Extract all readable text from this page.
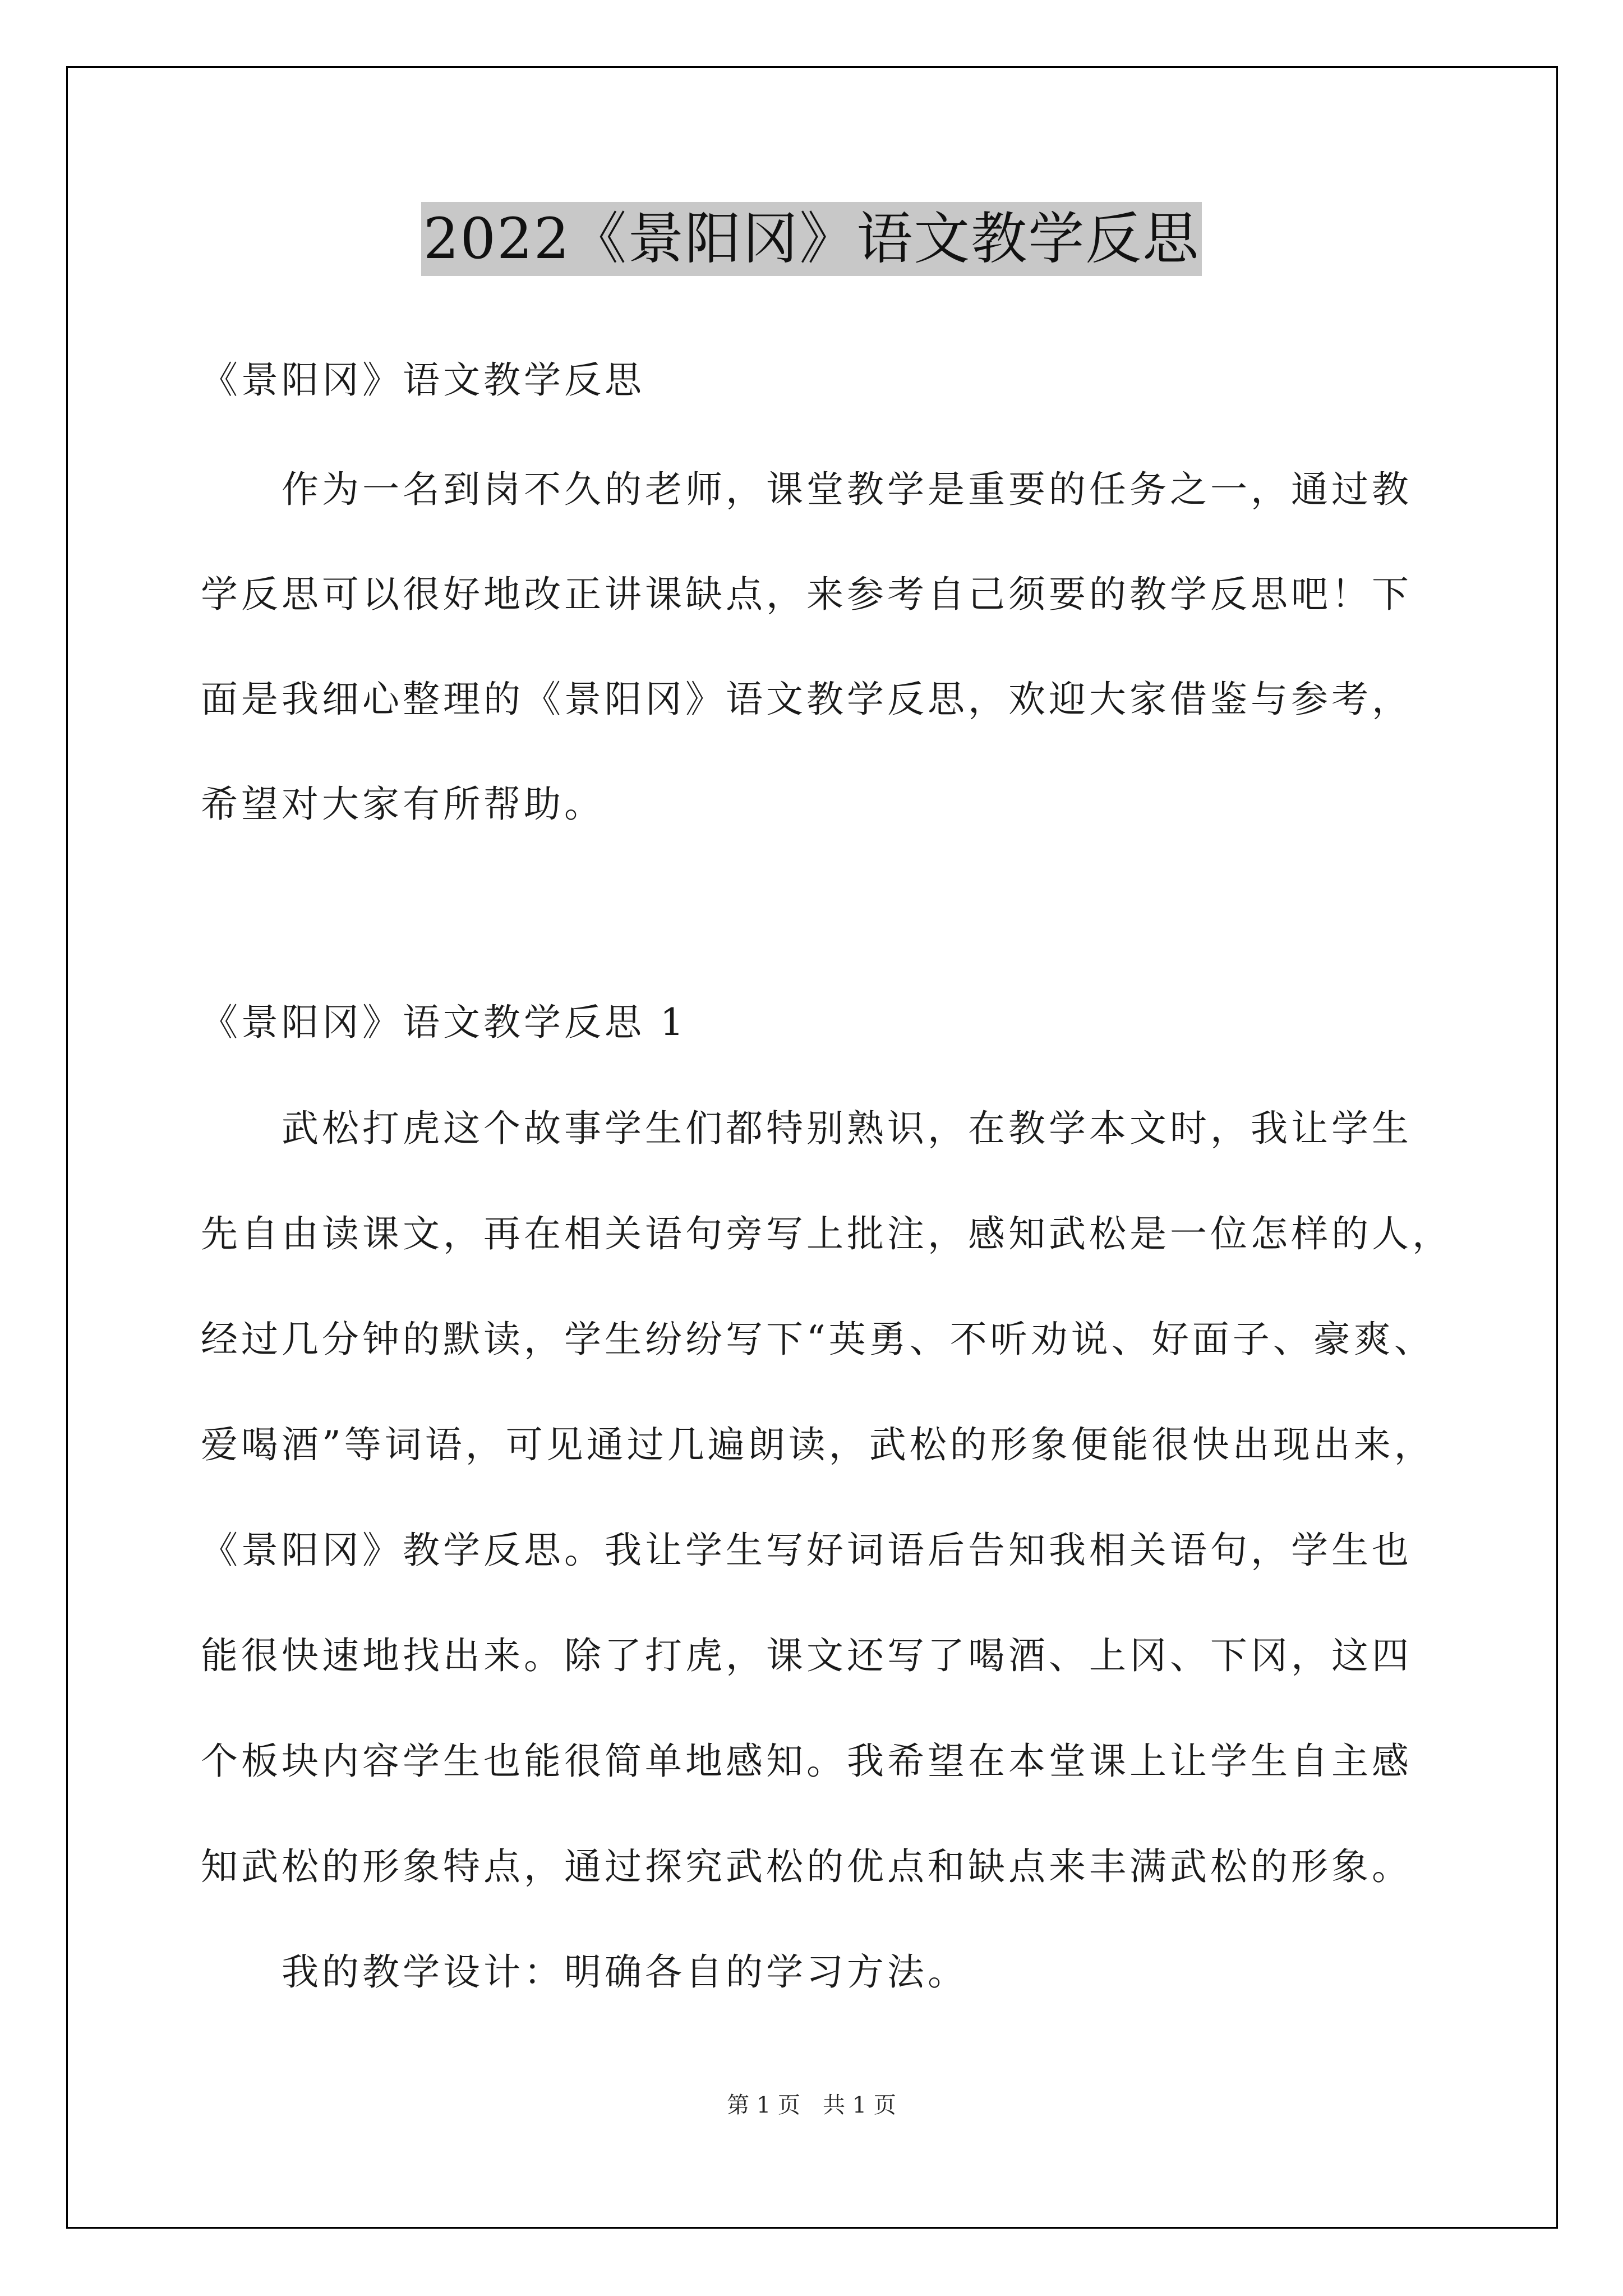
2022《景阳冈》语文教学反思

《景阳冈》语文教学反思

　　作为一名到岗不久的老师，课堂教学是重要的任务之一，通过教

学反思可以很好地改正讲课缺点，来参考自己须要的教学反思吧！下

面是我细心整理的《景阳冈》语文教学反思，欢迎大家借鉴与参考，

希望对大家有所帮助。

《景阳冈》语文教学反思 1

　　武松打虎这个故事学生们都特别熟识，在教学本文时，我让学生

先自由读课文，再在相关语句旁写上批注，感知武松是一位怎样的人，

经过几分钟的默读，学生纷纷写下“英勇、不听劝说、好面子、豪爽、

爱喝酒”等词语，可见通过几遍朗读，武松的形象便能很快出现出来，

《景阳冈》教学反思。我让学生写好词语后告知我相关语句，学生也

能很快速地找出来。除了打虎，课文还写了喝酒、上冈、下冈，这四

个板块内容学生也能很简单地感知。我希望在本堂课上让学生自主感

知武松的形象特点，通过探究武松的优点和缺点来丰满武松的形象。

　　我的教学设计：明确各自的学习方法。

第 1 页　共 1 页
